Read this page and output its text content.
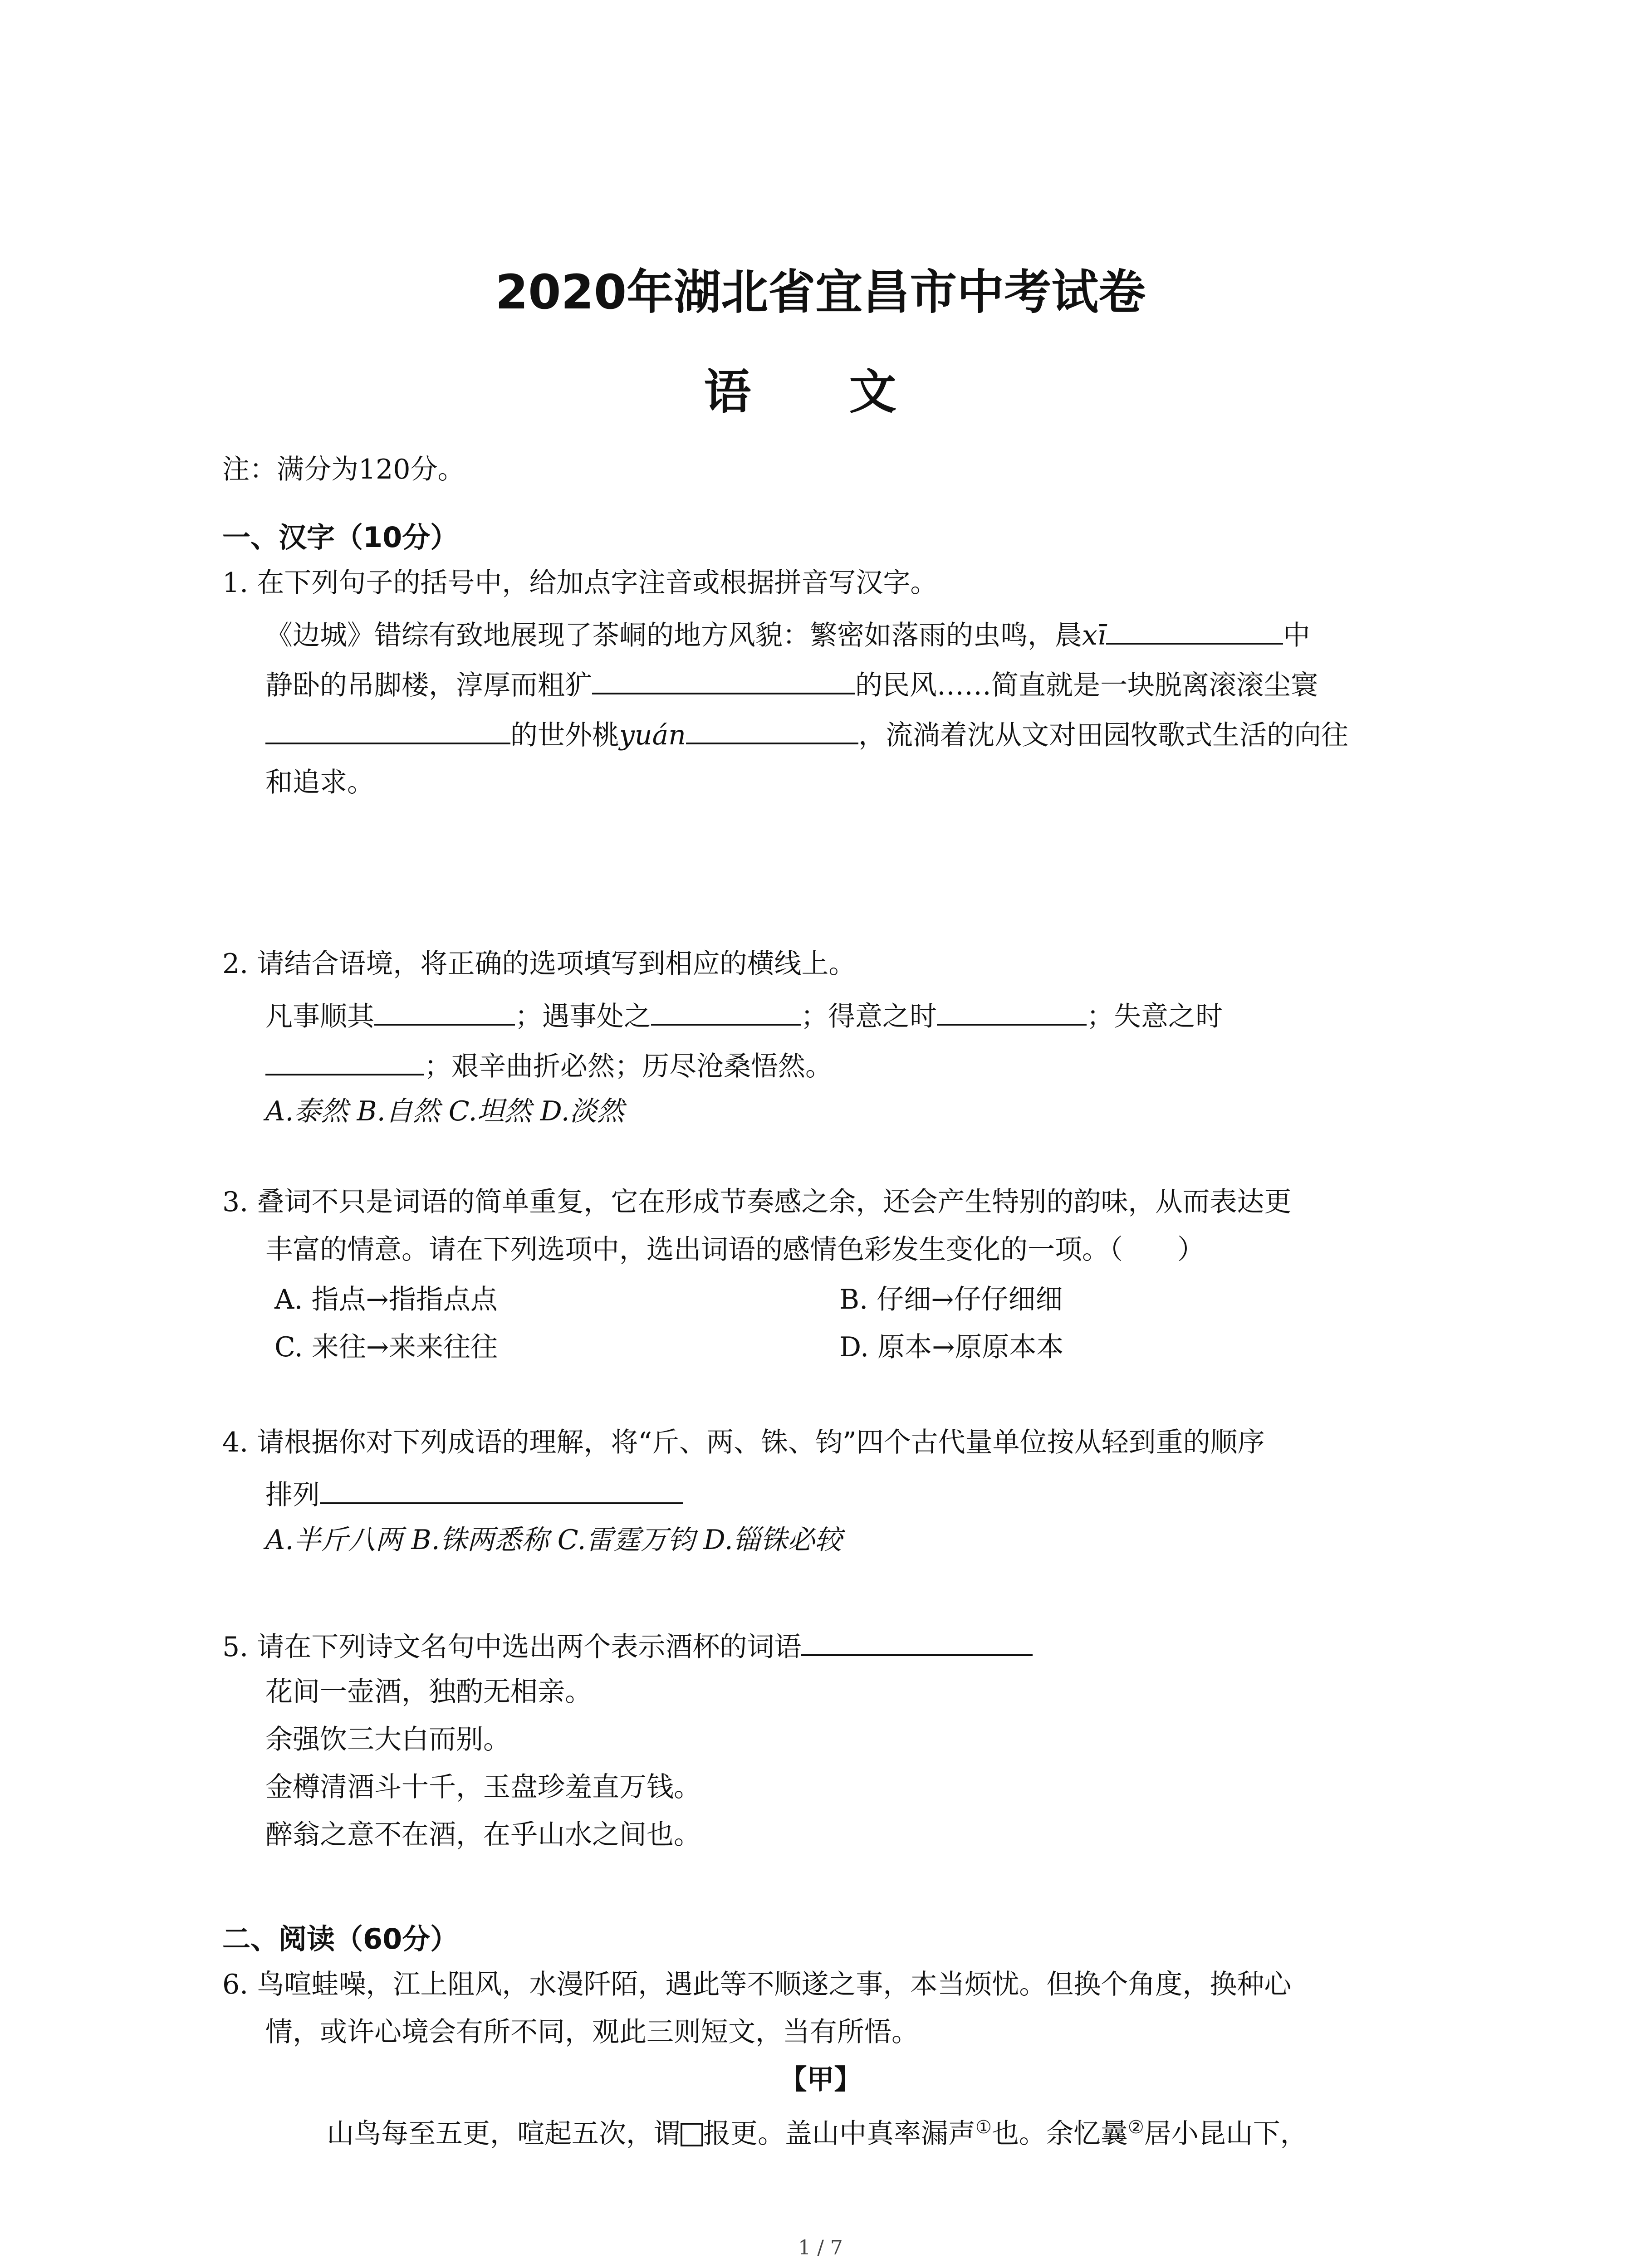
2020年湖北省宜昌市中考试卷
语 文
注：满分为120分。
一、汉字（10分）
1. 在下列句子的括号中，给加点字注音或根据拼音写汉字。
《边城》错综有致地展现了茶峒的地方风貌：繁密如落雨的虫鸣，晨xī	中
静卧的吊脚楼，淳厚而粗犷	的民风……简直就是一块脱离滚滚尘寰
的世外桃yuán	，流淌着沈从文对田园牧歌式生活的向往
和追求。
2. 请结合语境，将正确的选项填写到相应的横线上。
凡事顺其	；遇事处之	；得意之时	；失意之时
；艰辛曲折必然；历尽沧桑悟然。
A.泰然 B.自然 C.坦然 D.淡然
3. 叠词不只是词语的简单重复，它在形成节奏感之余，还会产生特别的韵味，从而表达更
丰富的情意。请在下列选项中，选出词语的感情色彩发生变化的一项。（　　）
A. 指点→指指点点	B. 仔细→仔仔细细
C. 来往→来来往往	D. 原本→原原本本
4. 请根据你对下列成语的理解，将“斤、两、铢、钧”四个古代量单位按从轻到重的顺序
排列
A.半斤八两 B.铢两悉称 C.雷霆万钧 D.锱铢必较
5. 请在下列诗文名句中选出两个表示酒杯的词语
花间一壶酒，独酌无相亲。
余强饮三大白而别。
金樽清酒斗十千，玉盘珍羞直万钱。
醉翁之意不在酒，在乎山水之间也。
二、阅读（60分）
6. 鸟喧蛙噪，江上阻风，水漫阡陌，遇此等不顺遂之事，本当烦忧。但换个角度，换种心
情，或许心境会有所不同，观此三则短文，当有所悟。
【甲】
山鸟每至五更，喧起五次，谓 报更。盖山中真率漏声①也。余忆曩②居小昆山下，
1 / 7
